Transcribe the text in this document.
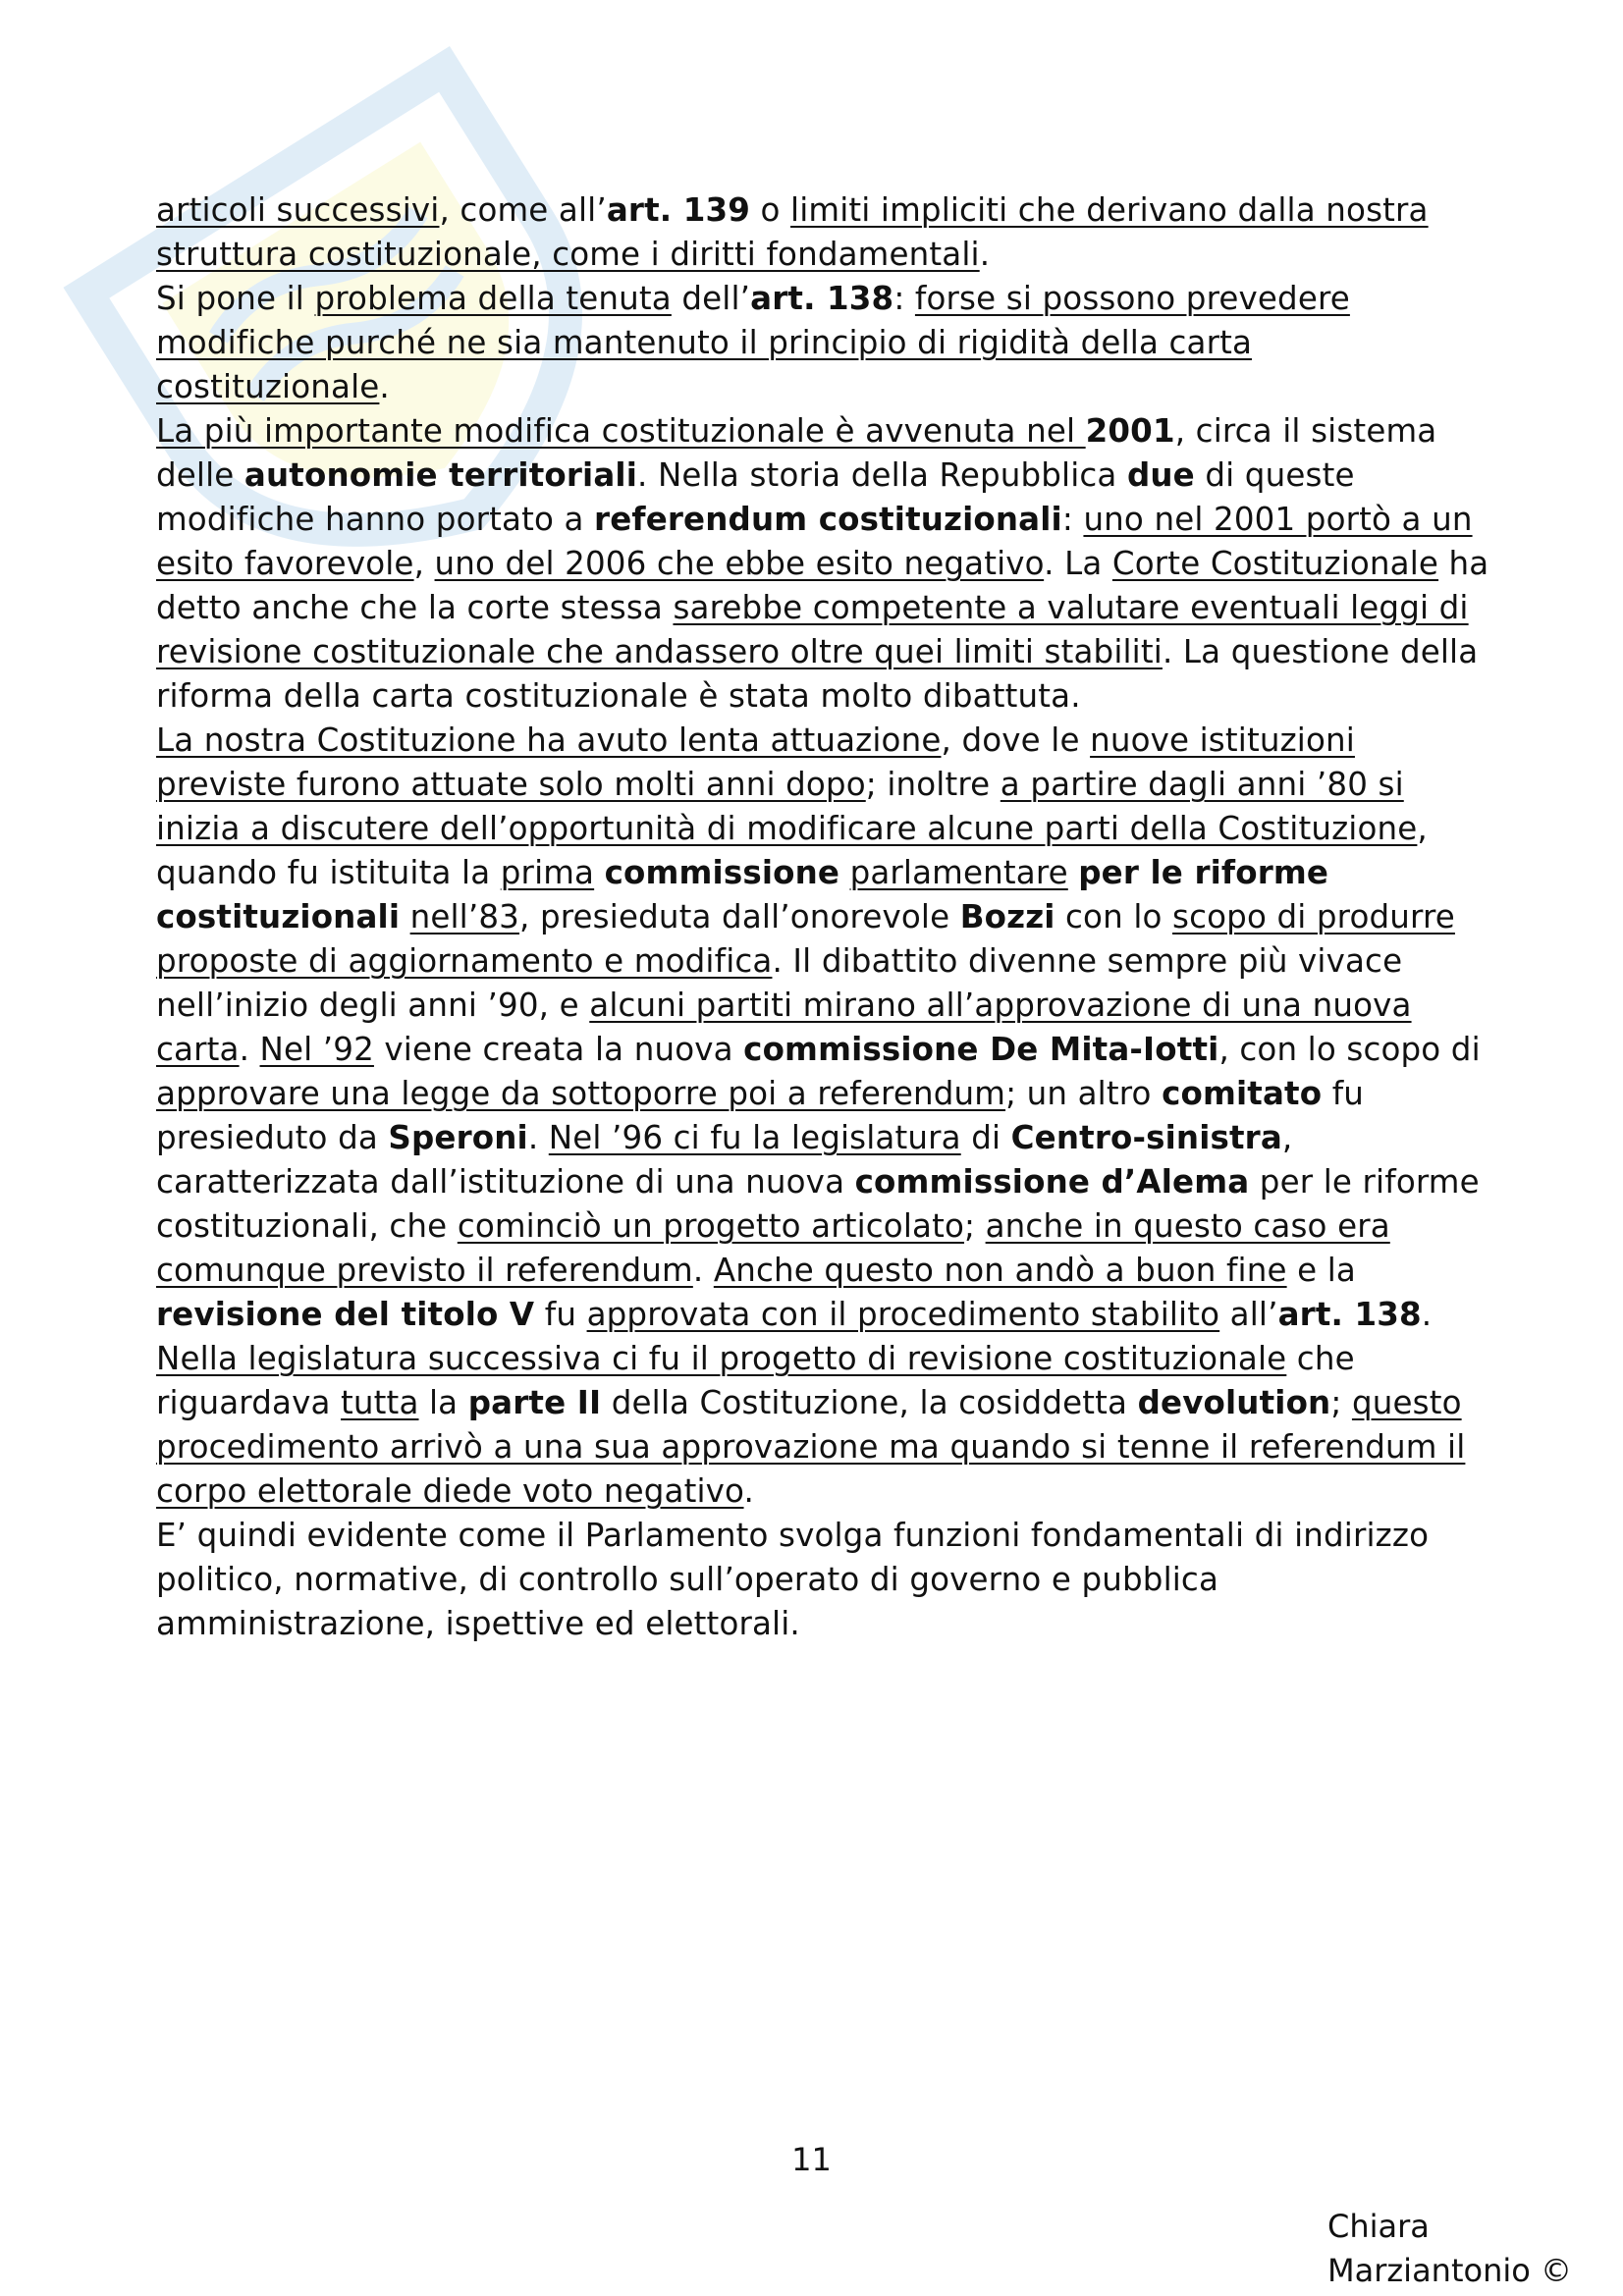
articoli successivi, come all’art. 139 o limiti impliciti che derivano dalla nostra struttura costituzionale, come i diritti fondamentali.

Si pone il problema della tenuta dell’art. 138: forse si possono prevedere modifiche purché ne sia mantenuto il principio di rigidità della carta costituzionale.

La più importante modifica costituzionale è avvenuta nel 2001, circa il sistema delle autonomie territoriali. Nella storia della Repubblica due di queste modifiche hanno portato a referendum costituzionali: uno nel 2001 portò a un esito favorevole, uno del 2006 che ebbe esito negativo. La Corte Costituzionale ha detto anche che la corte stessa sarebbe competente a valutare eventuali leggi di revisione costituzionale che andassero oltre quei limiti stabiliti. La questione della riforma della carta costituzionale è stata molto dibattuta.

La nostra Costituzione ha avuto lenta attuazione, dove le nuove istituzioni previste furono attuate solo molti anni dopo; inoltre a partire dagli anni ’80 si inizia a discutere dell’opportunità di modificare alcune parti della Costituzione, quando fu istituita la prima commissione parlamentare per le riforme costituzionali nell’83, presieduta dall’onorevole Bozzi con lo scopo di produrre proposte di aggiornamento e modifica. Il dibattito divenne sempre più vivace nell’inizio degli anni ’90, e alcuni partiti mirano all’approvazione di una nuova carta. Nel ’92 viene creata la nuova commissione De Mita-Iotti, con lo scopo di approvare una legge da sottoporre poi a referendum; un altro comitato fu presieduto da Speroni. Nel ’96 ci fu la legislatura di Centro-sinistra, caratterizzata dall’istituzione di una nuova commissione d’Alema per le riforme costituzionali, che cominciò un progetto articolato; anche in questo caso era comunque previsto il referendum. Anche questo non andò a buon fine e la revisione del titolo V fu approvata con il procedimento stabilito all’art. 138. Nella legislatura successiva ci fu il progetto di revisione costituzionale che riguardava tutta la parte II della Costituzione, la cosiddetta devolution; questo procedimento arrivò a una sua approvazione ma quando si tenne il referendum il corpo elettorale diede voto negativo.

E’ quindi evidente come il Parlamento svolga funzioni fondamentali di indirizzo politico, normative, di controllo sull’operato di governo e pubblica amministrazione, ispettive ed elettorali.

11
Chiara
Marziantonio ©
